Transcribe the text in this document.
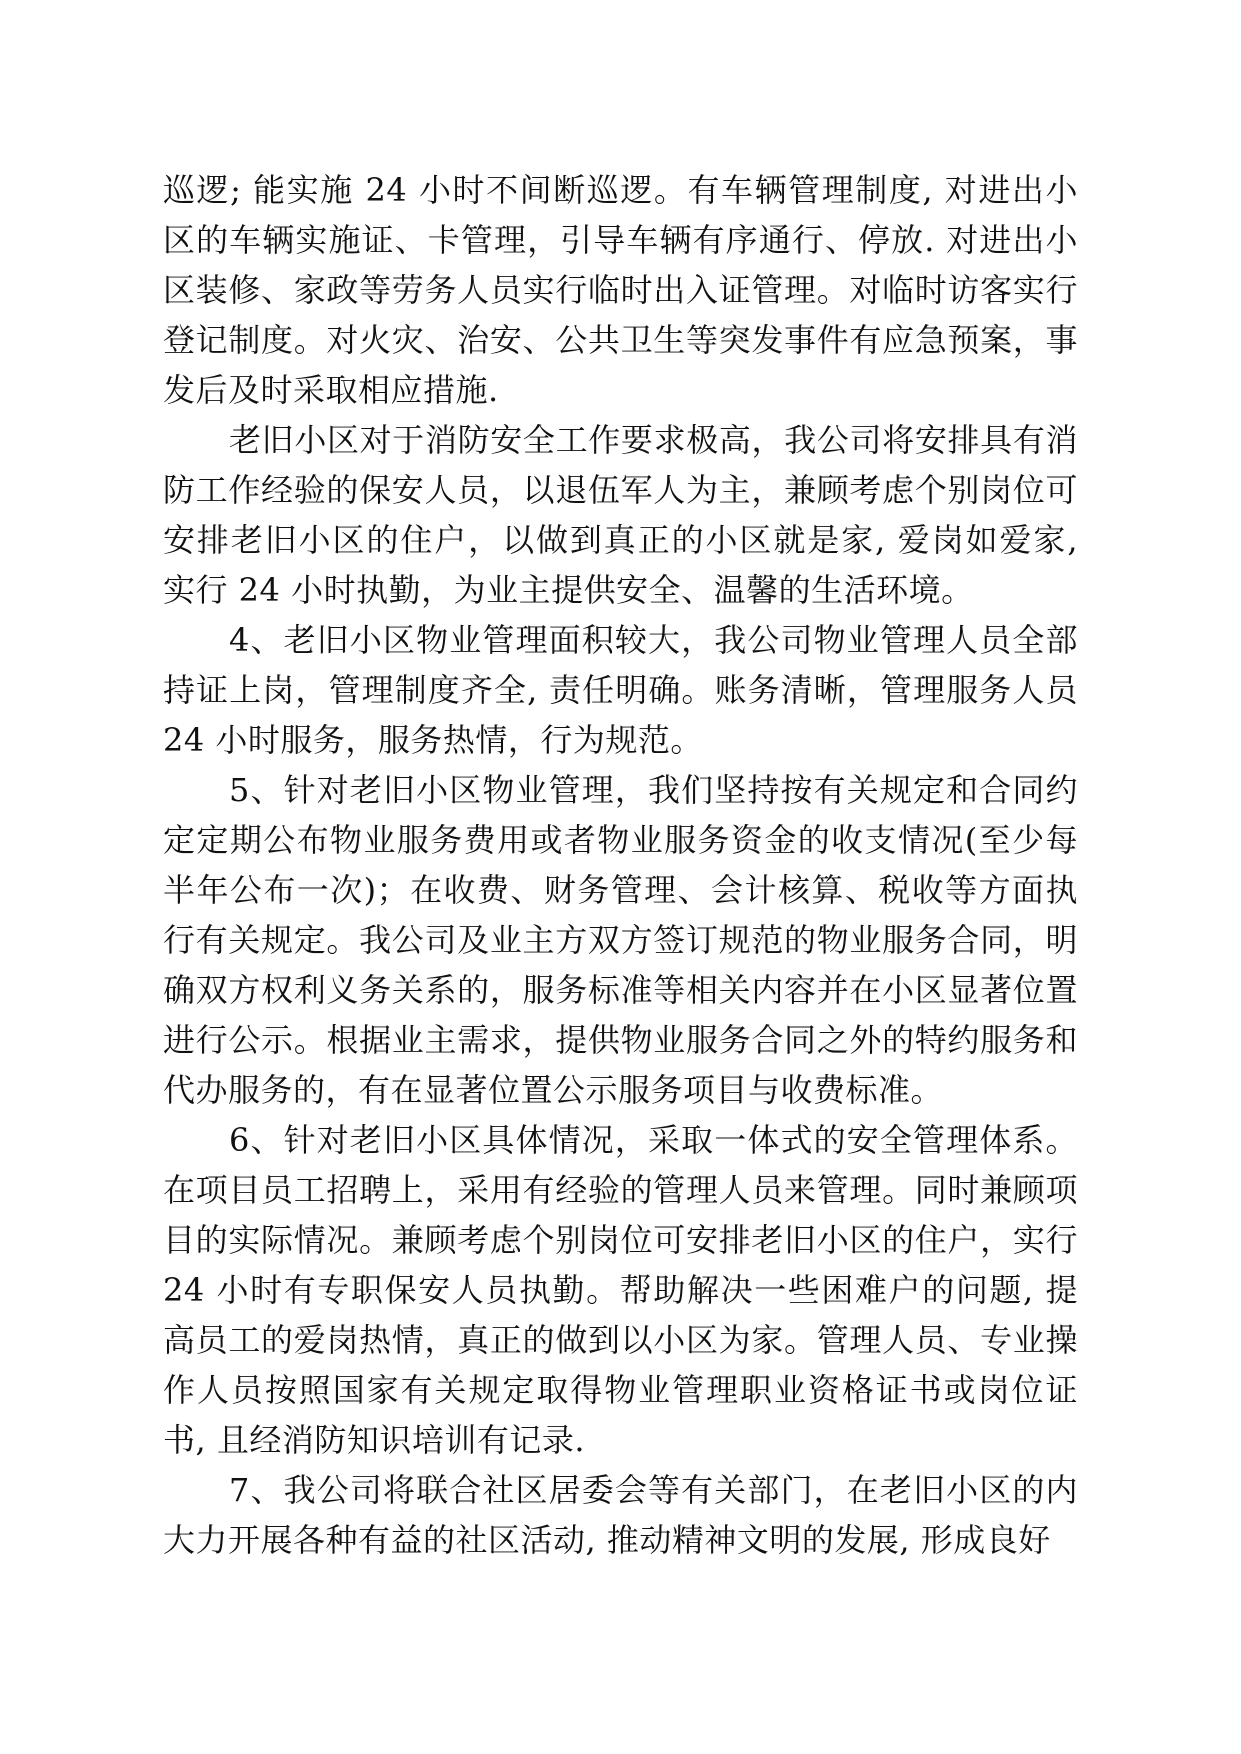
巡逻; 能实施 24 小时不间断巡逻。有车辆管理制度, 对进出小区的车辆实施证、卡管理，引导车辆有序通行、停放. 对进出小区装修、家政等劳务人员实行临时出入证管理。对临时访客实行登记制度。对火灾、治安、公共卫生等突发事件有应急预案，事发后及时采取相应措施.

老旧小区对于消防安全工作要求极高，我公司将安排具有消防工作经验的保安人员，以退伍军人为主，兼顾考虑个别岗位可安排老旧小区的住户，以做到真正的小区就是家, 爱岗如爱家, 实行 24 小时执勤，为业主提供安全、温馨的生活环境。

4、老旧小区物业管理面积较大，我公司物业管理人员全部持证上岗，管理制度齐全, 责任明确。账务清晰，管理服务人员 24 小时服务，服务热情，行为规范。

5、针对老旧小区物业管理，我们坚持按有关规定和合同约定定期公布物业服务费用或者物业服务资金的收支情况(至少每半年公布一次)；在收费、财务管理、会计核算、税收等方面执行有关规定。我公司及业主方双方签订规范的物业服务合同，明确双方权利义务关系的，服务标准等相关内容并在小区显著位置进行公示。根据业主需求，提供物业服务合同之外的特约服务和代办服务的，有在显著位置公示服务项目与收费标准。

6、针对老旧小区具体情况，采取一体式的安全管理体系。在项目员工招聘上，采用有经验的管理人员来管理。同时兼顾项目的实际情况。兼顾考虑个别岗位可安排老旧小区的住户，实行 24 小时有专职保安人员执勤。帮助解决一些困难户的问题, 提高员工的爱岗热情，真正的做到以小区为家。管理人员、专业操作人员按照国家有关规定取得物业管理职业资格证书或岗位证书, 且经消防知识培训有记录.

7、我公司将联合社区居委会等有关部门，在老旧小区的内大力开展各种有益的社区活动, 推动精神文明的发展, 形成良好
